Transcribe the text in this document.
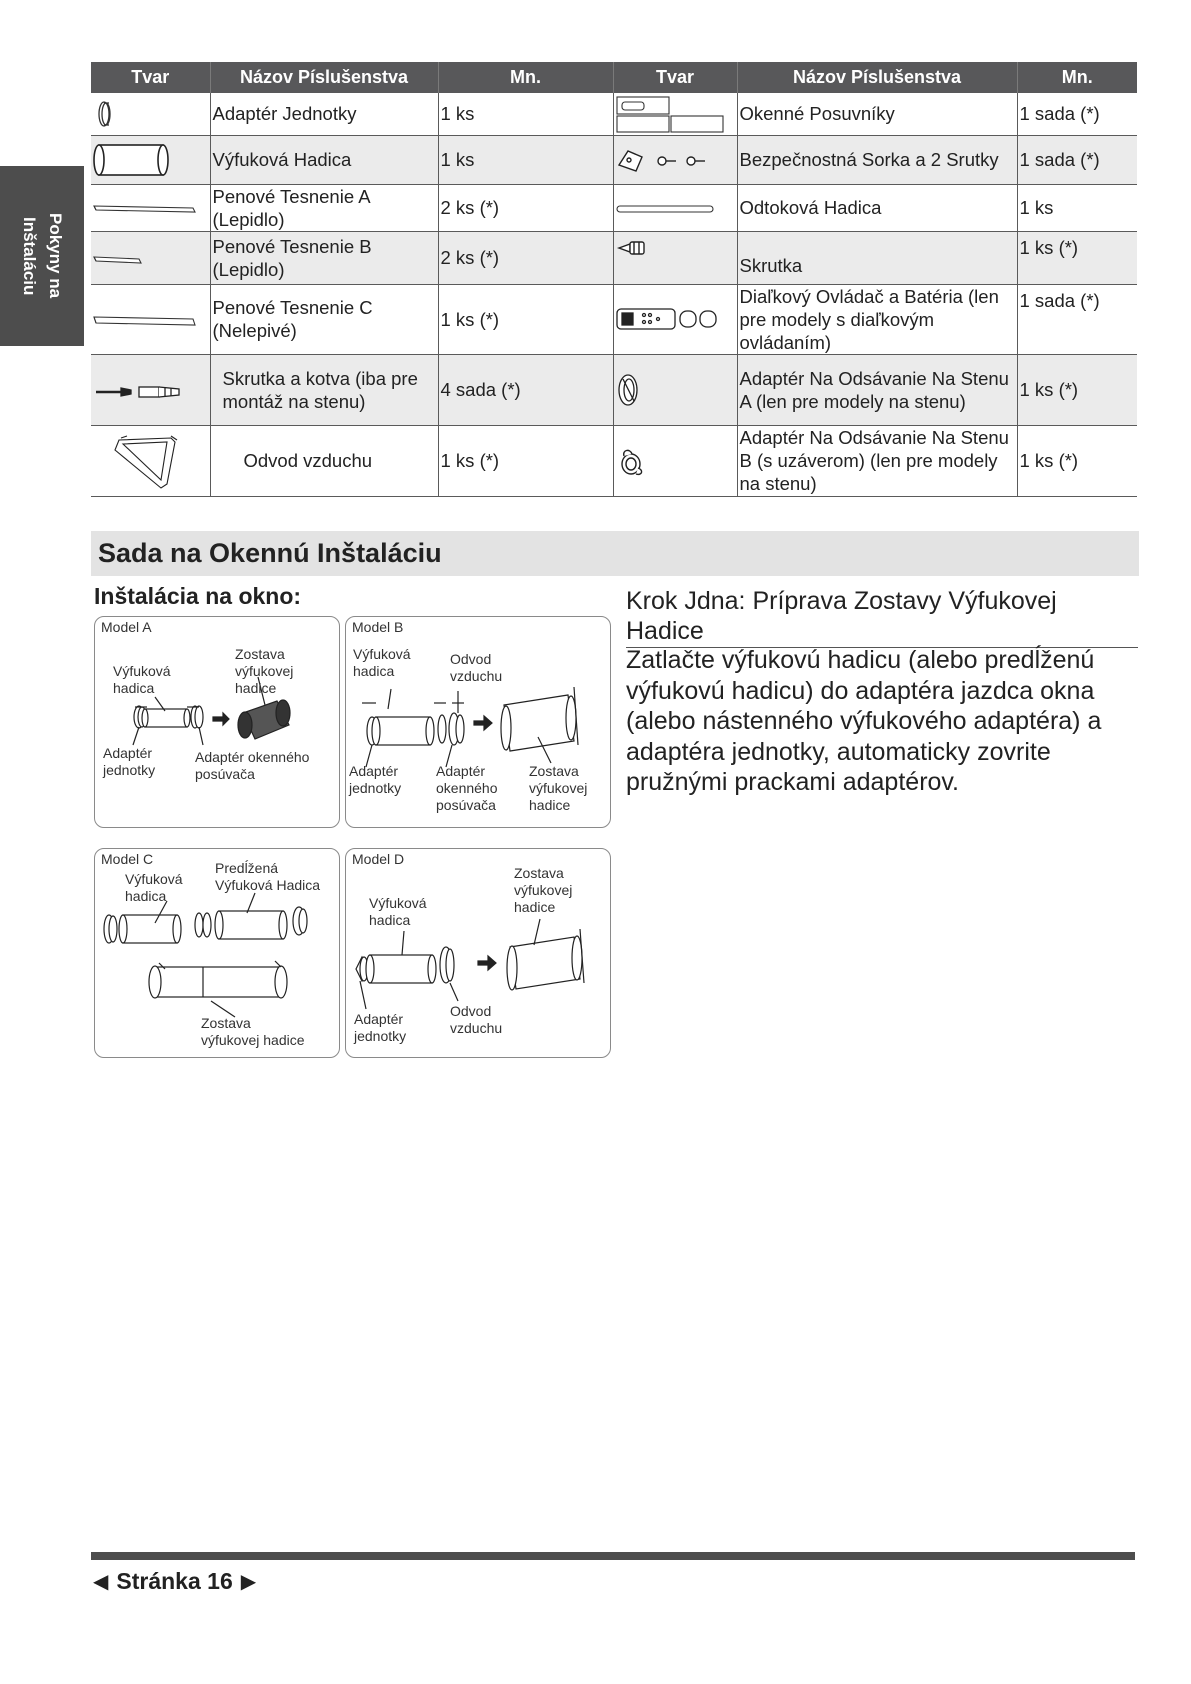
Pokyny na
Inštaláciu
Tvar	Názov Píslušenstva	Mn.	Tvar	Názov Píslušenstva	Mn.

	Adaptér Jednotky	1 ks		Okenné Posuvníky	1 sada (*)

	Výfuková Hadica	1 ks		Bezpečnostná Sorka a 2 Srutky	1 sada (*)

	Penové Tesnenie A (Lepidlo)	2 ks (*)		Odtoková Hadica	1 ks

	Penové Tesnenie B (Lepidlo)	2 ks (*)		Skrutka	1 ks (*)

	Penové Tesnenie C (Nelepivé)	1 ks (*)		Diaľkový Ovládač a Batéria (len pre modely s diaľkovým ovládaním)	1 sada (*)

	Skrutka a kotva (iba pre montáž na stenu)	4 sada (*)		Adaptér Na Odsávanie Na Stenu A (len pre modely na stenu)	1 ks (*)

	Odvod vzduchu	1 ks (*)		Adaptér Na Odsávanie Na Stenu B (s uzáverom) (len pre modely na stenu)	1 ks (*)
Sada na Okennú Inštaláciu
Inštalácia na okno:
Model A
Výfuková
hadica
Zostava
výfukovej
hadice
Adaptér
jednotky
Adaptér okenného
posúvača
Model B
Výfuková
hadica
Odvod
vzduchu
Adaptér
jednotky
Adaptér
okenného
posúvača
Zostava
výfukovej
hadice
Model C
Výfuková
hadica
Predĺžená
Výfuková Hadica
Zostava
výfukovej hadice
Model D
Zostava
výfukovej
hadice
Výfuková
hadica
Adaptér
jednotky
Odvod
vzduchu
Krok Jdna: Príprava Zostavy Výfukovej Hadice
Zatlačte výfukovú hadicu (alebo predĺženú výfukovú hadicu) do adaptéra jazdca okna (alebo nástenného výfukového adaptéra) a adaptéra jednotky, automaticky zovrite pružnými prackami adaptérov.
◀ Stránka 16 ▶
